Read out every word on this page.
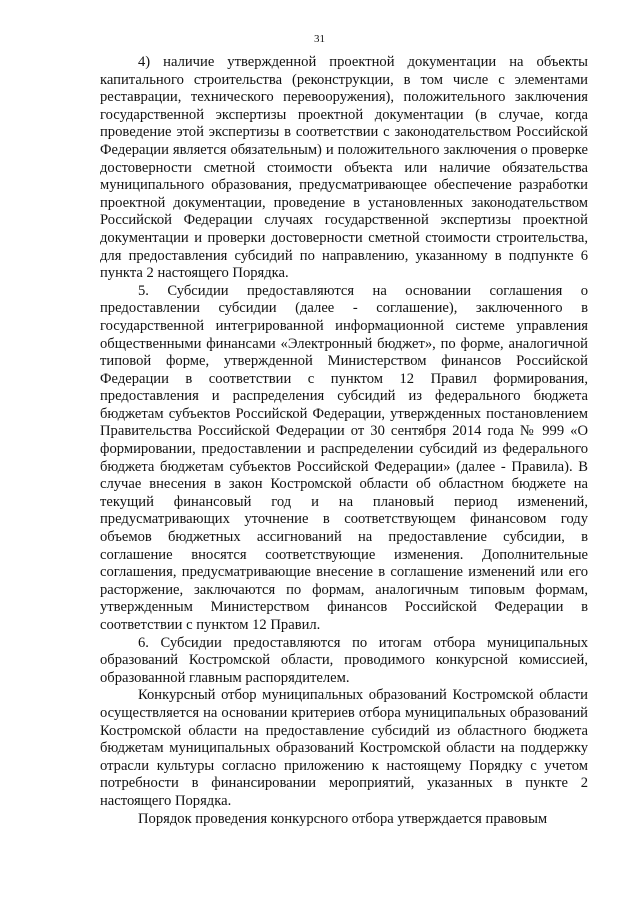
31

4) наличие утвержденной проектной документации на объекты капитального строительства (реконструкции, в том числе с элементами реставрации, технического перевооружения), положительного заключения государственной экспертизы проектной документации (в случае, когда проведение этой экспертизы в соответствии с законодательством Российской Федерации является обязательным) и положительного заключения о проверке достоверности сметной стоимости объекта или наличие обязательства муниципального образования, предусматривающее обеспечение разработки проектной документации, проведение в установленных законодательством Российской Федерации случаях государственной экспертизы проектной документации и проверки достоверности сметной стоимости строительства, для предоставления субсидий по направлению, указанному в подпункте 6 пункта 2 настоящего Порядка.

5. Субсидии предоставляются на основании соглашения о предоставлении субсидии (далее - соглашение), заключенного в государственной интегрированной информационной системе управления общественными финансами «Электронный бюджет», по форме, аналогичной типовой форме, утвержденной Министерством финансов Российской Федерации в соответствии с пунктом 12 Правил формирования, предоставления и распределения субсидий из федерального бюджета бюджетам субъектов Российской Федерации, утвержденных постановлением Правительства Российской Федерации от 30 сентября 2014 года № 999 «О формировании, предоставлении и распределении субсидий из федерального бюджета бюджетам субъектов Российской Федерации» (далее - Правила). В случае внесения в закон Костромской области об областном бюджете на текущий финансовый год и на плановый период изменений, предусматривающих уточнение в соответствующем финансовом году объемов бюджетных ассигнований на предоставление субсидии, в соглашение вносятся соответствующие изменения. Дополнительные соглашения, предусматривающие внесение в соглашение изменений или его расторжение, заключаются по формам, аналогичным типовым формам, утвержденным Министерством финансов Российской Федерации в соответствии с пунктом 12 Правил.

6. Субсидии предоставляются по итогам отбора муниципальных образований Костромской области, проводимого конкурсной комиссией, образованной главным распорядителем.

Конкурсный отбор муниципальных образований Костромской области осуществляется на основании критериев отбора муниципальных образований Костромской области на предоставление субсидий из областного бюджета бюджетам муниципальных образований Костромской области на поддержку отрасли культуры согласно приложению к настоящему Порядку с учетом потребности в финансировании мероприятий, указанных в пункте 2 настоящего Порядка.

Порядок проведения конкурсного отбора утверждается правовым
